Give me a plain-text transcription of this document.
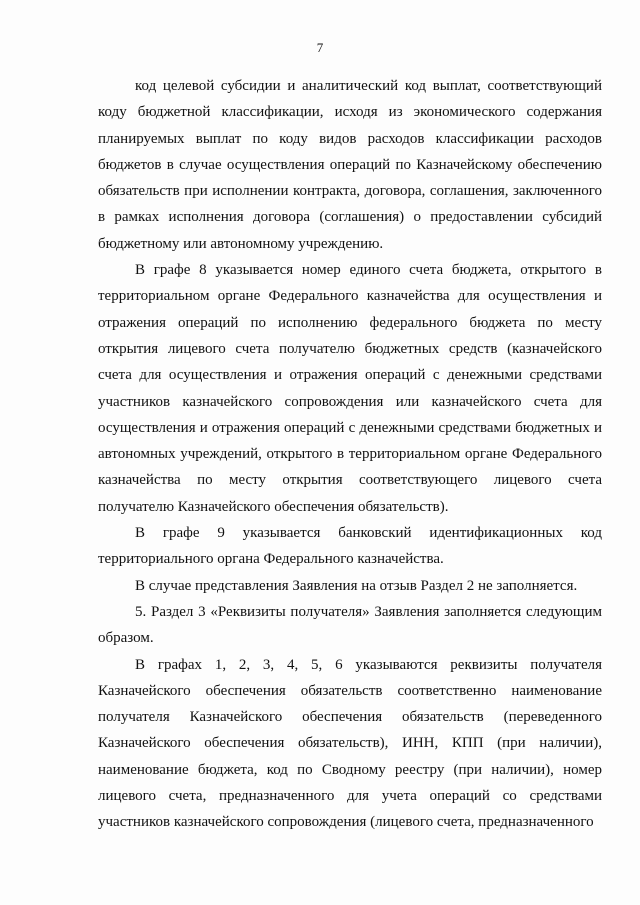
7

код целевой субсидии и аналитический код выплат, соответствующий коду бюджетной классификации, исходя из экономического содержания планируемых выплат по коду видов расходов классификации расходов бюджетов в случае осуществления операций по Казначейскому обеспечению обязательств при исполнении контракта, договора, соглашения, заключенного в рамках исполнения договора (соглашения) о предоставлении субсидий бюджетному или автономному учреждению.

В графе 8 указывается номер единого счета бюджета, открытого в территориальном органе Федерального казначейства для осуществления и отражения операций по исполнению федерального бюджета по месту открытия лицевого счета получателю бюджетных средств (казначейского счета для осуществления и отражения операций с денежными средствами участников казначейского сопровождения или казначейского счета для осуществления и отражения операций с денежными средствами бюджетных и автономных учреждений, открытого в территориальном органе Федерального казначейства по месту открытия соответствующего лицевого счета получателю Казначейского обеспечения обязательств).

В графе 9 указывается банковский идентификационных код территориального органа Федерального казначейства.

В случае представления Заявления на отзыв Раздел 2 не заполняется.

5. Раздел 3 «Реквизиты получателя» Заявления заполняется следующим образом.

В графах 1, 2, 3, 4, 5, 6 указываются реквизиты получателя Казначейского обеспечения обязательств соответственно наименование получателя Казначейского обеспечения обязательств (переведенного Казначейского обеспечения обязательств), ИНН, КПП (при наличии), наименование бюджета, код по Сводному реестру (при наличии), номер лицевого счета, предназначенного для учета операций со средствами участников казначейского сопровождения (лицевого счета, предназначенного
